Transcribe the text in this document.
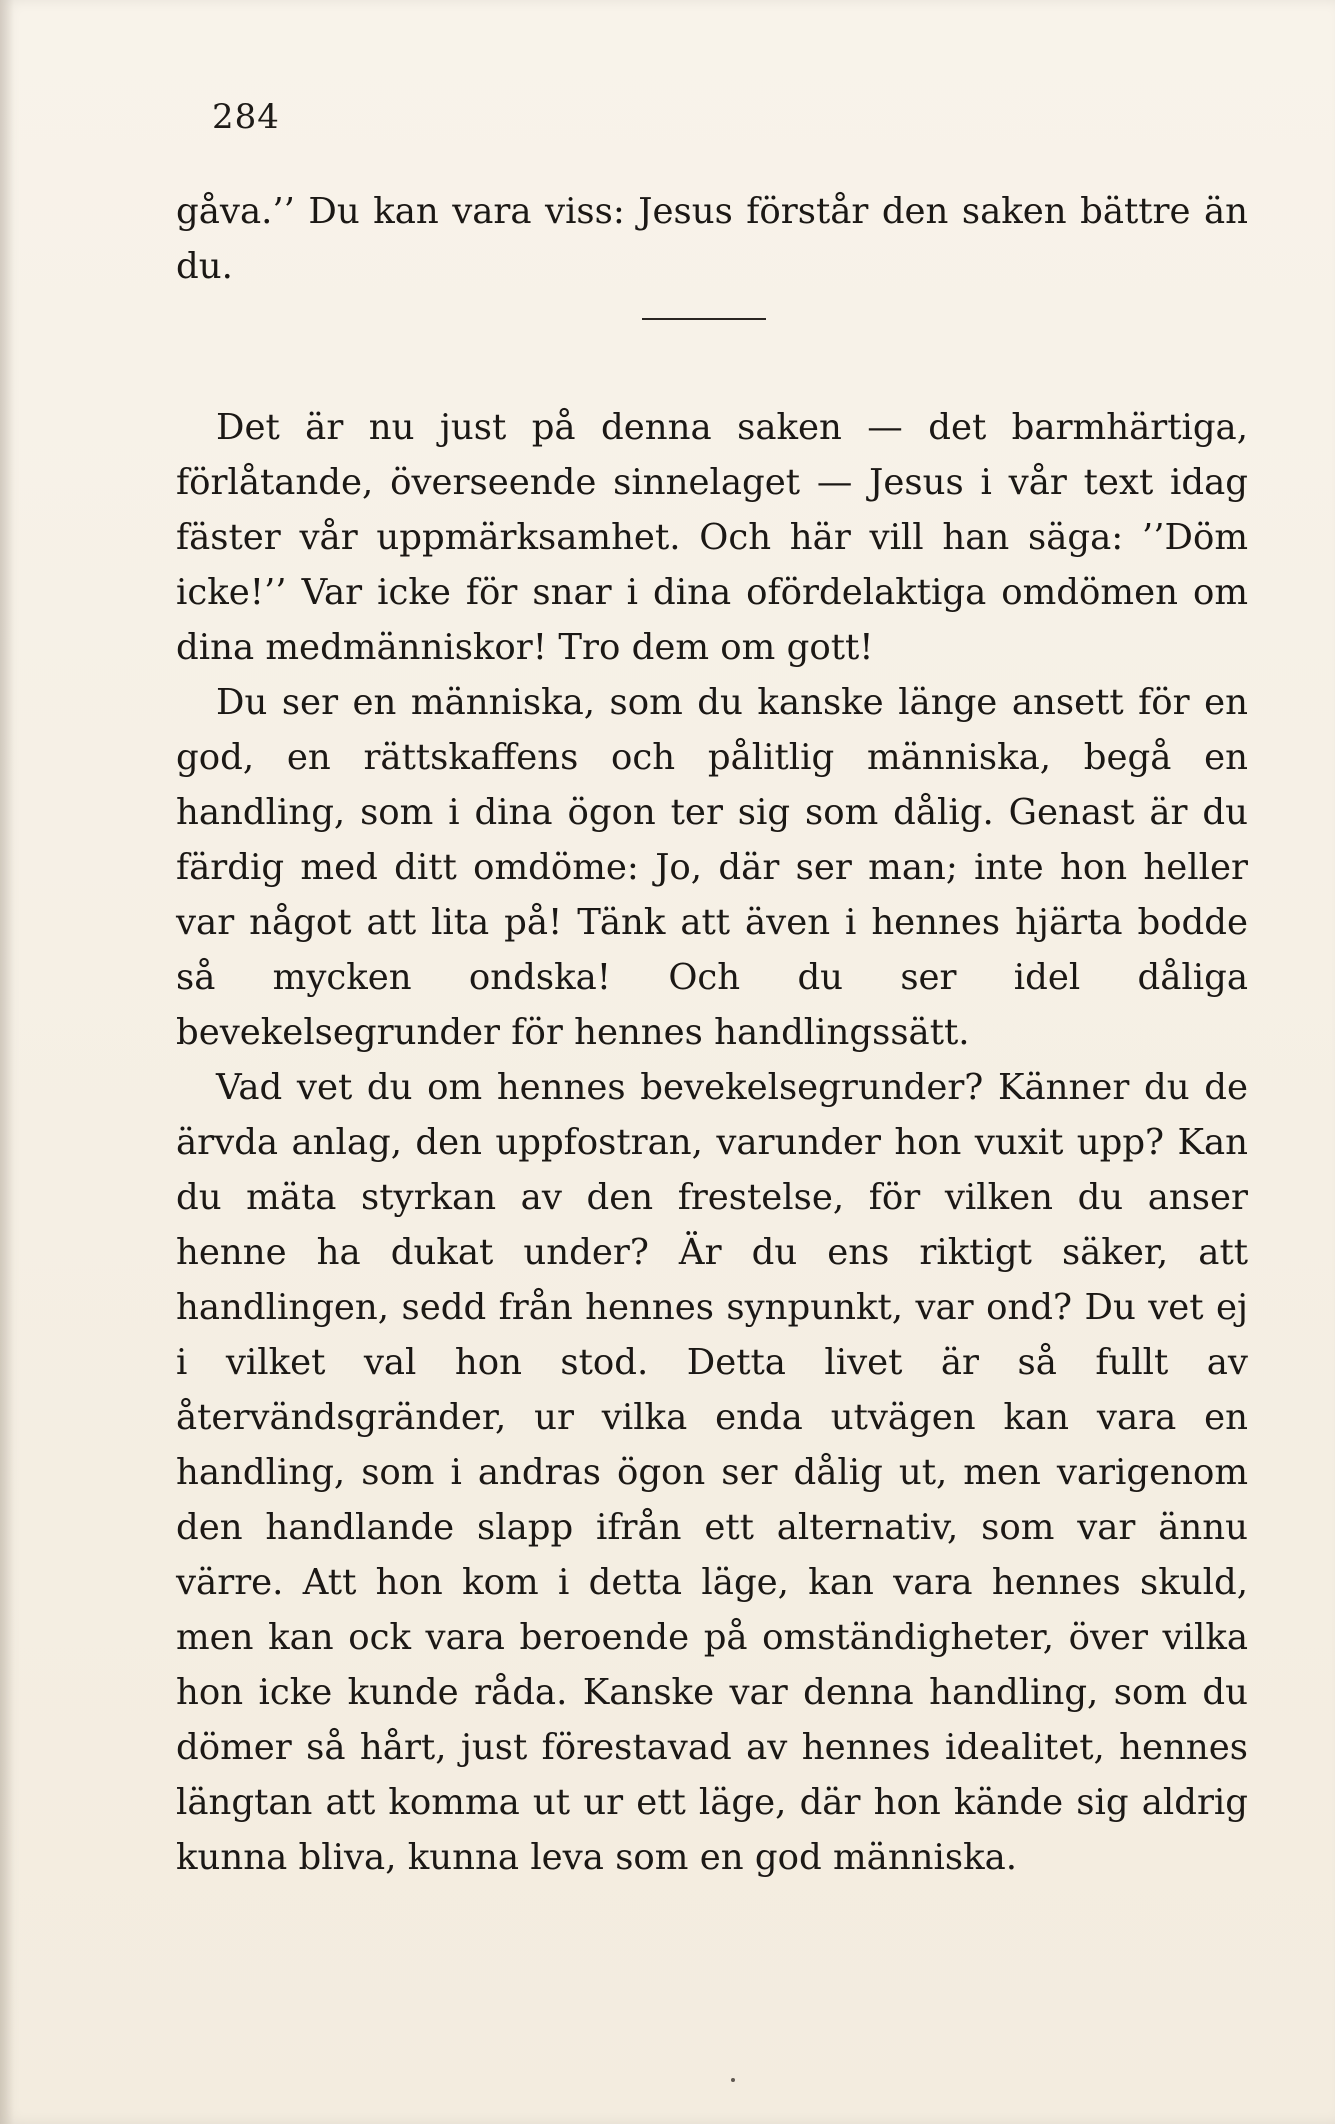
284
gåva.’’ Du kan vara viss: Jesus förstår den saken bättre än du.

Det är nu just på denna saken — det barmhärtiga, förlåtande, överseende sinnelaget — Jesus i vår text idag fäster vår uppmärksamhet. Och här vill han säga: ’’Döm icke!’’ Var icke för snar i dina ofördelaktiga omdömen om dina medmänniskor! Tro dem om gott!

Du ser en människa, som du kanske länge ansett för en god, en rättskaffens och pålitlig människa, begå en handling, som i dina ögon ter sig som dålig. Genast är du färdig med ditt omdöme: Jo, där ser man; inte hon heller var något att lita på! Tänk att även i hennes hjärta bodde så mycken ondska! Och du ser idel dåliga bevekelsegrunder för hennes handlingssätt.

Vad vet du om hennes bevekelsegrunder? Känner du de ärvda anlag, den uppfostran, varunder hon vuxit upp? Kan du mäta styrkan av den frestelse, för vilken du anser henne ha dukat under? Är du ens riktigt säker, att handlingen, sedd från hennes synpunkt, var ond? Du vet ej i vilket val hon stod. Detta livet är så fullt av återvändsgränder, ur vilka enda utvägen kan vara en handling, som i andras ögon ser dålig ut, men varigenom den handlande slapp ifrån ett alternativ, som var ännu värre. Att hon kom i detta läge, kan vara hennes skuld, men kan ock vara beroende på omständigheter, över vilka hon icke kunde råda. Kanske var denna handling, som du dömer så hårt, just förestavad av hennes idealitet, hennes längtan att komma ut ur ett läge, där hon kände sig aldrig kunna bliva, kunna leva som en god människa.
